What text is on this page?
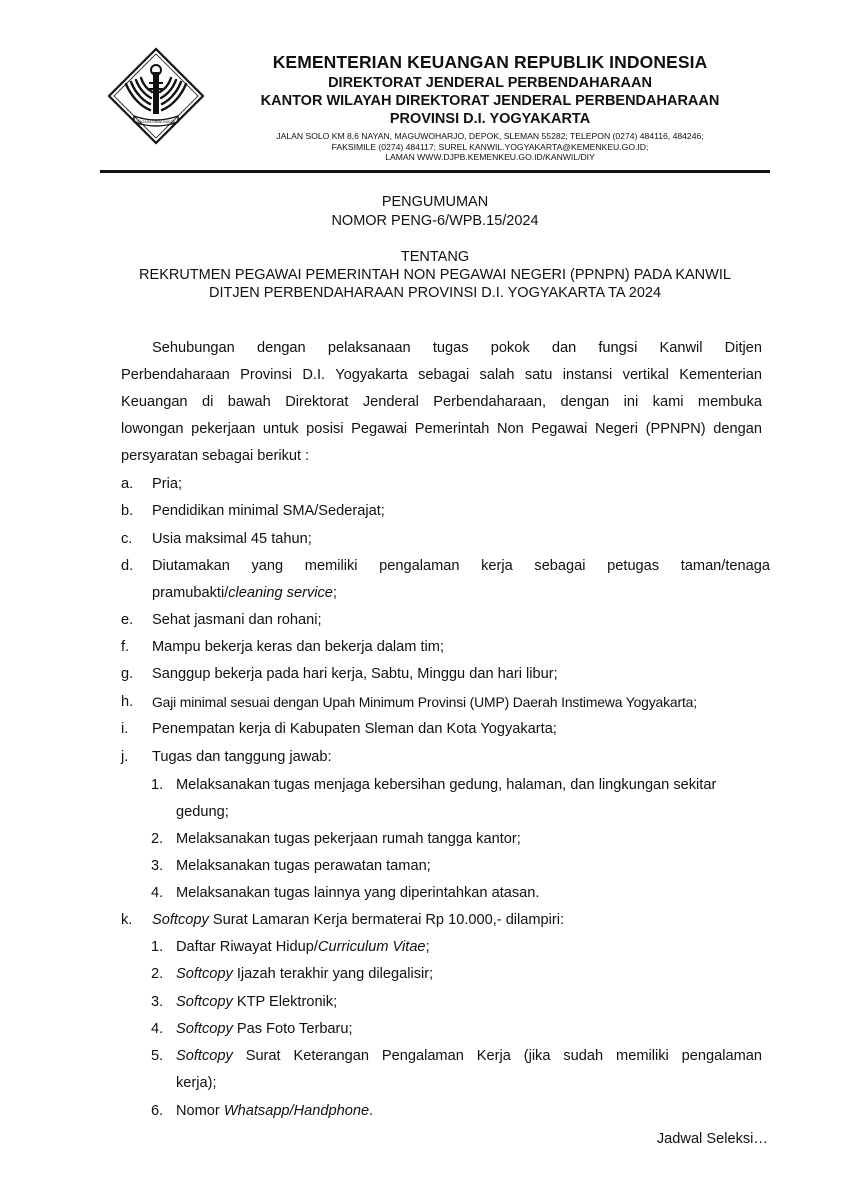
NAGARA DANA RAKCA
KEMENTERIAN KEUANGAN REPUBLIK INDONESIA
DIREKTORAT JENDERAL PERBENDAHARAAN
KANTOR WILAYAH DIREKTORAT JENDERAL PERBENDAHARAAN
PROVINSI D.I. YOGYAKARTA
JALAN SOLO KM 8,6 NAYAN, MAGUWOHARJO, DEPOK, SLEMAN 55282; TELEPON (0274) 484116, 484246;
FAKSIMILE (0274) 484117; SUREL KANWIL.YOGYAKARTA@KEMENKEU.GO.ID;
LAMAN WWW.DJPB.KEMENKEU.GO.ID/KANWIL/DIY
PENGUMUMAN
NOMOR PENG-6/WPB.15/2024
TENTANG
REKRUTMEN PEGAWAI PEMERINTAH NON PEGAWAI NEGERI (PPNPN) PADA KANWIL
DITJEN PERBENDAHARAAN PROVINSI D.I. YOGYAKARTA TA 2024
Sehubungan dengan pelaksanaan tugas pokok dan fungsi Kanwil Ditjen
Perbendaharaan Provinsi D.I. Yogyakarta sebagai salah satu instansi vertikal Kementerian
Keuangan di bawah Direktorat Jenderal Perbendaharaan, dengan ini kami membuka
lowongan pekerjaan untuk posisi Pegawai Pemerintah Non Pegawai Negeri (PPNPN) dengan
persyaratan sebagai berikut :
a. Pria;
b. Pendidikan minimal SMA/Sederajat;
c. Usia maksimal 45 tahun;
d. Diutamakan yang memiliki pengalaman kerja sebagai petugas taman/tenaga
pramubakti/cleaning service;
e. Sehat jasmani dan rohani;
f. Mampu bekerja keras dan bekerja dalam tim;
g. Sanggup bekerja pada hari kerja, Sabtu, Minggu dan hari libur;
h. Gaji minimal sesuai dengan Upah Minimum Provinsi (UMP) Daerah Instimewa Yogyakarta;
i. Penempatan kerja di Kabupaten Sleman dan Kota Yogyakarta;
j. Tugas dan tanggung jawab:
1. Melaksanakan tugas menjaga kebersihan gedung, halaman, dan lingkungan sekitar
gedung;
2. Melaksanakan tugas pekerjaan rumah tangga kantor;
3. Melaksanakan tugas perawatan taman;
4. Melaksanakan tugas lainnya yang diperintahkan atasan.
k. Softcopy Surat Lamaran Kerja bermaterai Rp 10.000,- dilampiri:
1. Daftar Riwayat Hidup/Curriculum Vitae;
2. Softcopy Ijazah terakhir yang dilegalisir;
3. Softcopy KTP Elektronik;
4. Softcopy Pas Foto Terbaru;
5. Softcopy Surat Keterangan Pengalaman Kerja (jika sudah memiliki pengalaman
kerja);
6. Nomor Whatsapp/Handphone.
Jadwal Seleksi…
